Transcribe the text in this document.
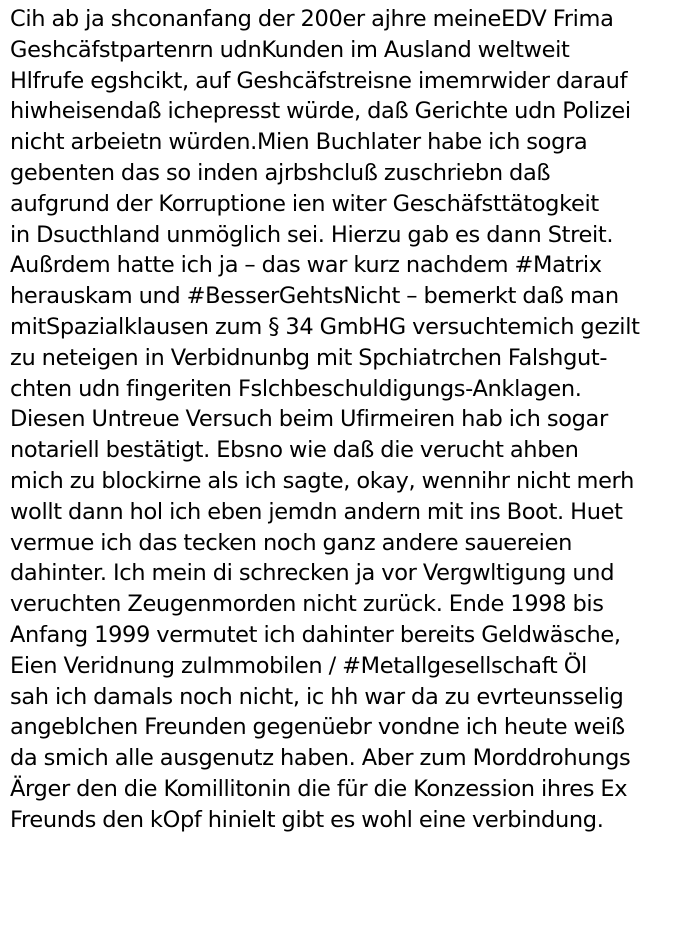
Cih ab ja shconanfang der 200er ajhre meineEDV Frima
Geshcäfstpartenrn udnKunden im Ausland weltweit
Hlfrufe egshcikt, auf Geshcäfstreisne imemrwider darauf
hiwheisendaß ichepresst würde, daß Gerichte udn Polizei
nicht arbeietn würden.Mien Buchlater habe ich sogra
gebenten das so inden ajrbshcluß zuschriebn daß
aufgrund der Korruptione ien witer Geschäfsttätogkeit
in Dsucthland unmöglich sei. Hierzu gab es dann Streit.
Außrdem hatte ich ja – das war kurz nachdem #Matrix
herauskam und #BesserGehtsNicht – bemerkt daß man
mitSpazialklausen zum § 34 GmbHG versuchtemich gezilt
zu neteigen in Verbidnunbg mit Spchiatrchen Falshgut-
chten udn fingeriten Fslchbeschuldigungs-Anklagen.
Diesen Untreue Versuch beim Ufirmeiren hab ich sogar
notariell bestätigt. Ebsno wie daß die verucht ahben
mich zu blockirne als ich sagte, okay, wennihr nicht merh
wollt dann hol ich eben jemdn andern mit ins Boot. Huet
vermue ich das tecken noch ganz andere sauereien
dahinter. Ich mein di schrecken ja vor Vergwltigung und
veruchten Zeugenmorden nicht zurück. Ende 1998 bis
Anfang 1999 vermutet ich dahinter bereits Geldwäsche,
Eien Veridnung zuImmobilen / #Metallgesellschaft Öl
sah ich damals noch nicht, ic hh war da zu evrteunsselig
angeblchen Freunden gegenüebr vondne ich heute weiß
da smich alle ausgenutz haben. Aber zum Morddrohungs
Ärger den die Komillitonin die für die Konzession ihres Ex
Freunds den kOpf hinielt gibt es wohl eine verbindung.
